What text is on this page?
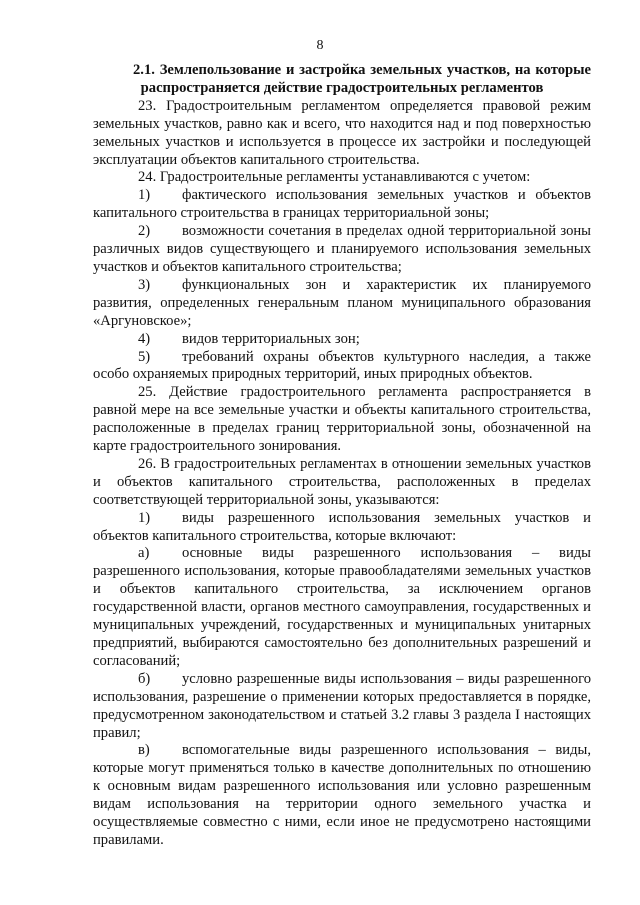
8

2.1. Землепользование и застройка земельных участков, на которые распространяется действие градостроительных регламентов

23. Градостроительным регламентом определяется правовой режим земельных участков, равно как и всего, что находится над и под поверхностью земельных участков и используется в процессе их застройки и последующей эксплуатации объектов капитального строительства.

24. Градостроительные регламенты устанавливаются с учетом:

1) фактического использования земельных участков и объектов капитального строительства в границах территориальной зоны;

2) возможности сочетания в пределах одной территориальной зоны различных видов существующего и планируемого использования земельных участков и объектов капитального строительства;

3) функциональных зон и характеристик их планируемого развития, определенных генеральным планом муниципального образования «Аргуновское»;

4) видов территориальных зон;

5) требований охраны объектов культурного наследия, а также особо охраняемых природных территорий, иных природных объектов.

25. Действие градостроительного регламента распространяется в равной мере на все земельные участки и объекты капитального строительства, расположенные в пределах границ территориальной зоны, обозначенной на карте градостроительного зонирования.

26. В градостроительных регламентах в отношении земельных участков и объектов капитального строительства, расположенных в пределах соответствующей территориальной зоны, указываются:

1) виды разрешенного использования земельных участков и объектов капитального строительства, которые включают:

а) основные виды разрешенного использования – виды разрешенного использования, которые правообладателями земельных участков и объектов капитального строительства, за исключением органов государственной власти, органов местного самоуправления, государственных и муниципальных учреждений, государственных и муниципальных унитарных предприятий, выбираются самостоятельно без дополнительных разрешений и согласований;

б) условно разрешенные виды использования – виды разрешенного использования, разрешение о применении которых предоставляется в порядке, предусмотренном законодательством и статьей 3.2 главы 3 раздела I настоящих правил;

в) вспомогательные виды разрешенного использования – виды, которые могут применяться только в качестве дополнительных по отношению к основным видам разрешенного использования или условно разрешенным видам использования на территории одного земельного участка и осуществляемые совместно с ними, если иное не предусмотрено настоящими правилами.
